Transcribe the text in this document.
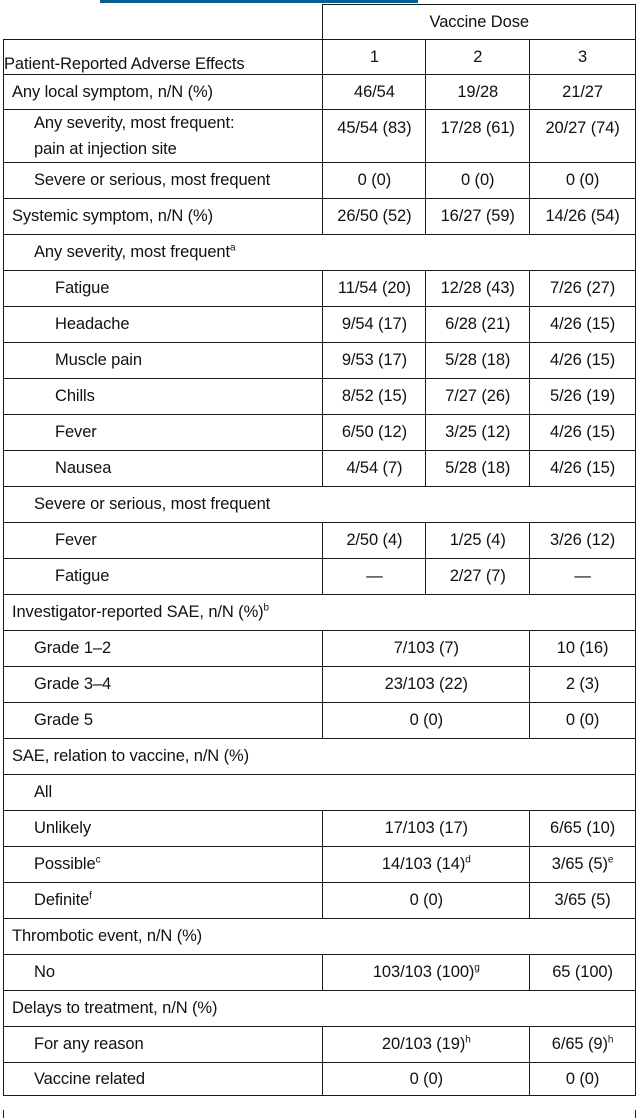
	Vaccine Dose		
Patient-Reported Adverse Effects	1	2	3
Any local symptom, n/N (%)	46/54	19/28	21/27

Any severity, most frequent:
pain at injection site	45/54 (83)	17/28 (61)	20/27 (74)
Severe or serious, most frequent	0 (0)	0 (0)	0 (0)
Systemic symptom, n/N (%)	26/50 (52)	16/27 (59)	14/26 (54)
Any severity, most frequent$^a$
Fatigue	11/54 (20)	12/28 (43)	7/26 (27)
Headache	9/54 (17)	6/28 (21)	4/26 (15)
Muscle pain	9/53 (17)	5/28 (18)	4/26 (15)
Chills	8/52 (15)	7/27 (26)	5/26 (19)
Fever	6/50 (12)	3/25 (12)	4/26 (15)
Nausea	4/54 (7)	5/28 (18)	4/26 (15)
Severe or serious, most frequent			
Fever	2/50 (4)	1/25 (4)	3/26 (12)
Fatigue	—	2/27 (7)	—
Investigator-reported SAE, n/N (%)$^b$
Grade 1–2	7/103 (7)		10 (16)
Grade 3–4	23/103 (22)		2 (3)
Grade 5	0 (0)		0 (0)
SAE, relation to vaccine, n/N (%)			
All			
Unlikely	17/103 (17)		6/65 (10)
Possible$^c$	14/103 $(14)^d$		3/65 $(5)^e$
Definite$^f$	0 (0)		3/65 (5)
Thrombotic event, n/N (%)			
No	103/103 $(100)^g$		65 (100)
Delays to treatment, n/N (%)			
For any reason	20/103 $(19)^h$		6/65 $(9)^h$
Vaccine related	0 (0)		0 (0)
